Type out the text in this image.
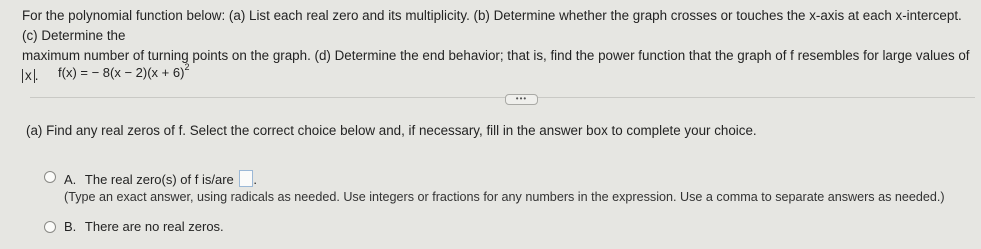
For the polynomial function below: (a) List each real zero and its multiplicity. (b) Determine whether the graph crosses or touches the x-axis at each x-intercept. (c) Determine the
maximum number of turning points on the graph. (d) Determine the end behavior; that is, find the power function that the graph of f resembles for large values of x .	f(x) = − $8(x - 2)(x + 6)^2$
•••
(a) Find any real zeros of f. Select the correct choice below and, if necessary, fill in the answer box to complete your choice.
A. The real zero(s) of f is/are .
(Type an exact answer, using radicals as needed. Use integers or fractions for any numbers in the expression. Use a comma to separate answers as needed.)
B. There are no real zeros.
